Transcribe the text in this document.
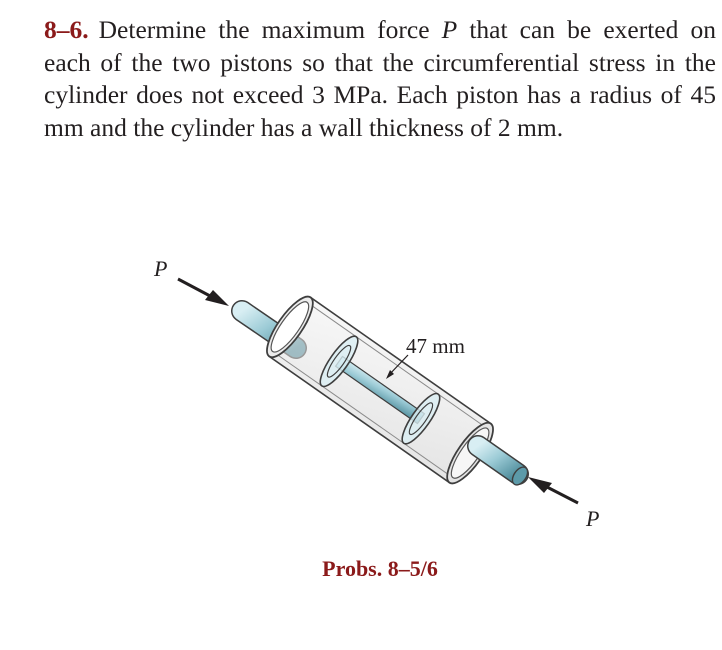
8–6. Determine the maximum force P that can be exerted on each of the two pistons so that the circumferential stress in the cylinder does not exceed 3 MPa. Each piston has a radius of 45 mm and the cylinder has a wall thickness of 2 mm.
P
P
47 mm
Probs. 8–5/6
